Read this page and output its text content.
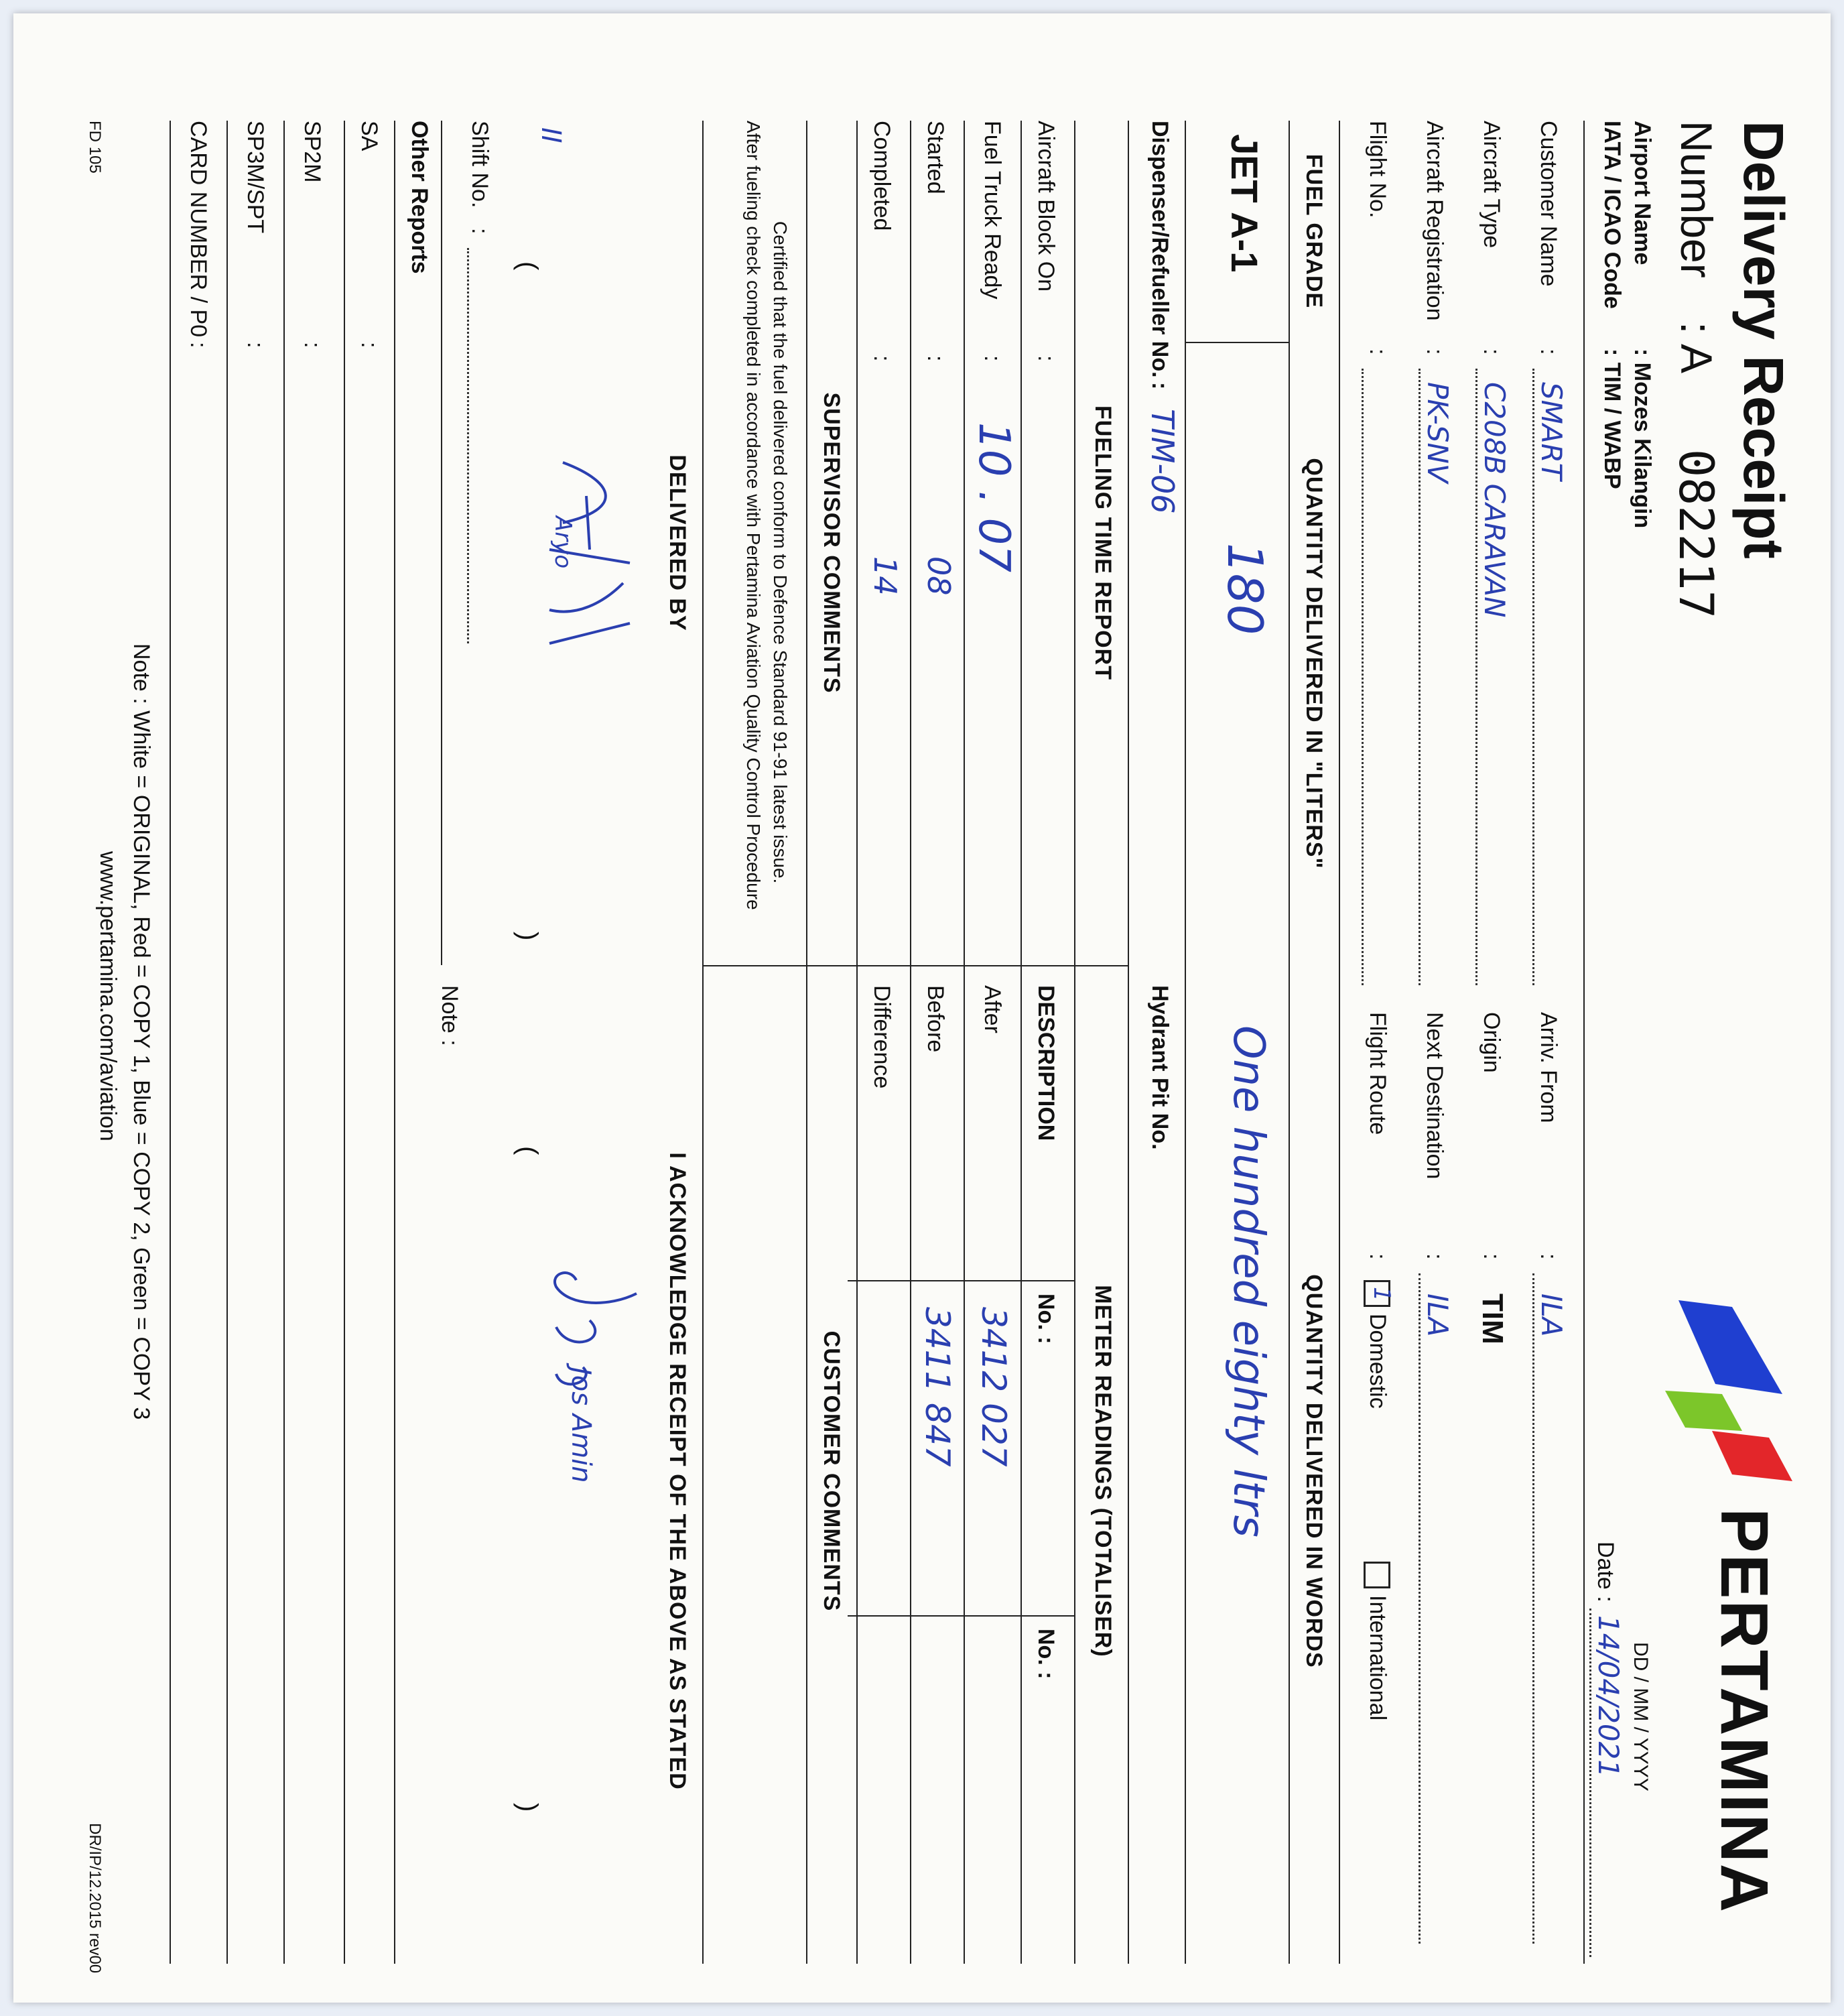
Delivery Receipt
Number
: A
082217
PERTAMINA
Airport Name
: Mozes Kilangin
IATA / ICAO Code
: TIM / WABP
DD / MM / YYYY
Date :
14/04/2021
Customer Name
:
SMART
Aircraft Type
:
C208B CARAVAN
Aircraft Registration
:
PK-SNV
Flight No.
:
Arriv. From
:
ILA
Origin
:
TIM
Next Destination
:
ILA
Flight Route
:
1
Domestic
International
FUEL GRADE
QUANTITY DELIVERED IN "LITERS"
QUANTITY DELIVERED IN WORDS
JET A-1
180
One hundred eighty ltrs
Dispenser/Refueller No.
:
TIM-06
Hydrant Pit No.
FUELING TIME REPORT
Aircraft Block On
:
Fuel Truck Ready
:
10 . 07
Started
:
08
Completed
:
14
METER READINGS (TOTALISER)
DESCRIPTION
No. :
No. :
After
3412 027
Before
3411 847
Difference
SUPERVISOR COMMENTS
CUSTOMER COMMENTS
Certified that the fuel delivered conform to Defence Standard 91-91 latest issue.
After fueling check completed in accordance with Pertamina Aviation Quality Control Procedure
DELIVERED BY
I ACKNOWLEDGE RECEIPT OF THE ABOVE AS STATED
Aryo
Jos Amin
(
)
(
)
II
Shift No.
:
Note :
Other Reports
SA
:
SP2M
:
SP3M/SPT
:
CARD NUMBER / P0
:
Note : White = ORIGINAL, Red = COPY 1, Blue = COPY 2, Green = COPY 3
www.pertamina.com/aviation
FD 105
DR/IP/12.2015 rev00
